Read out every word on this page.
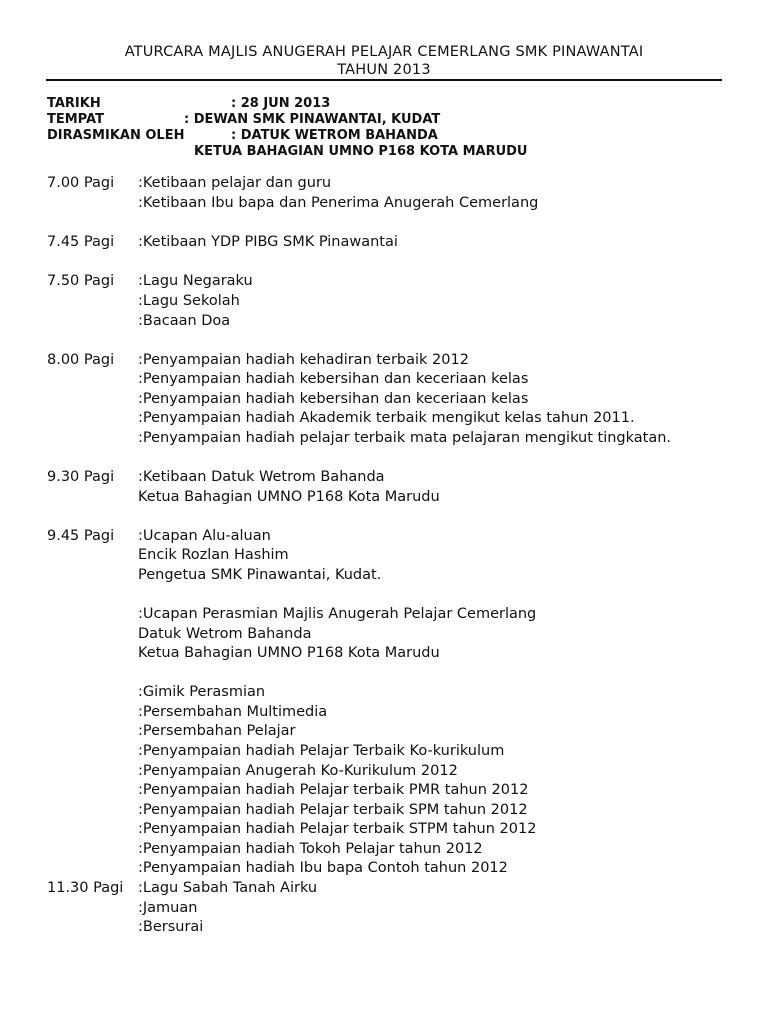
ATURCARA MAJLIS ANUGERAH PELAJAR CEMERLANG SMK PINAWANTAI
TAHUN 2013
TARIKH	: 28 JUN 2013
TEMPAT	: DEWAN SMK PINAWANTAI, KUDAT
DIRASMIKAN OLEH	: DATUK WETROM BAHANDA
KETUA BAHAGIAN UMNO P168 KOTA MARUDU
7.00 Pagi :Ketibaan pelajar dan guru
:Ketibaan Ibu bapa dan Penerima Anugerah Cemerlang
7.45 Pagi :Ketibaan YDP PIBG SMK Pinawantai
7.50 Pagi :Lagu Negaraku
:Lagu Sekolah
:Bacaan Doa
8.00 Pagi :Penyampaian hadiah kehadiran terbaik 2012
:Penyampaian hadiah kebersihan dan keceriaan kelas
:Penyampaian hadiah kebersihan dan keceriaan kelas
:Penyampaian hadiah Akademik terbaik mengikut kelas tahun 2011.
:Penyampaian hadiah pelajar terbaik mata pelajaran mengikut tingkatan.
9.30 Pagi :Ketibaan Datuk Wetrom Bahanda
Ketua Bahagian UMNO P168 Kota Marudu
9.45 Pagi :Ucapan Alu-aluan
Encik Rozlan Hashim
Pengetua SMK Pinawantai, Kudat.
:Ucapan Perasmian Majlis Anugerah Pelajar Cemerlang
Datuk Wetrom Bahanda
Ketua Bahagian UMNO P168 Kota Marudu
:Gimik Perasmian
:Persembahan Multimedia
:Persembahan Pelajar
:Penyampaian hadiah Pelajar Terbaik Ko-kurikulum
:Penyampaian Anugerah Ko-Kurikulum 2012
:Penyampaian hadiah Pelajar terbaik PMR tahun 2012
:Penyampaian hadiah Pelajar terbaik SPM tahun 2012
:Penyampaian hadiah Pelajar terbaik STPM tahun 2012
:Penyampaian hadiah Tokoh Pelajar tahun 2012
:Penyampaian hadiah Ibu bapa Contoh tahun 2012
11.30 Pagi :Lagu Sabah Tanah Airku
:Jamuan
:Bersurai
